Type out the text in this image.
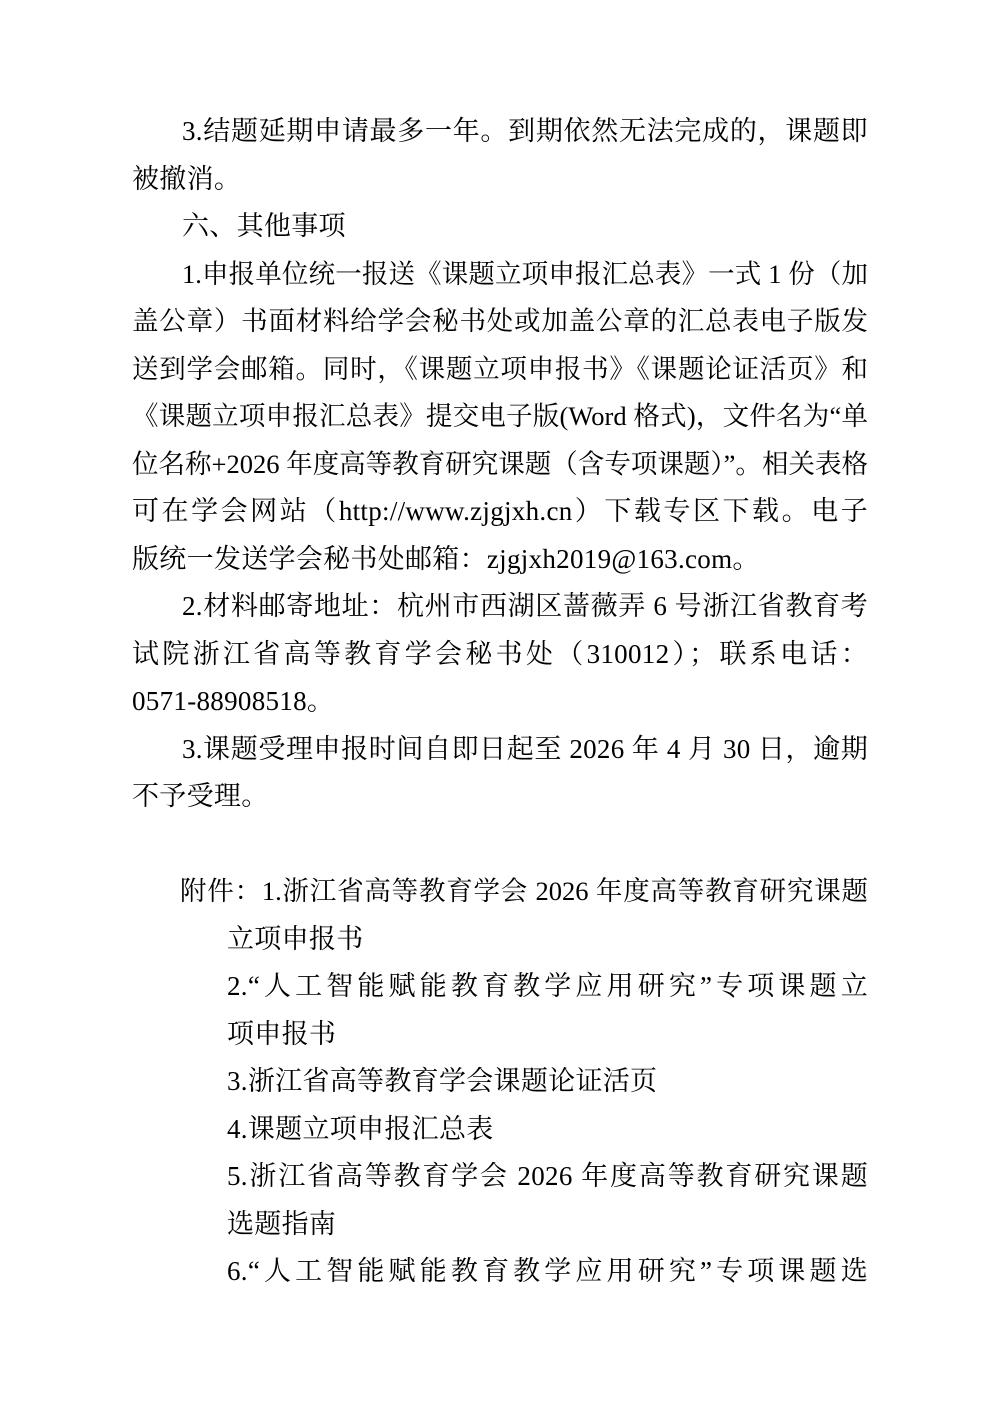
3.结题延期申请最多一年。到期依然无法完成的，课题即
被撤消。
六、其他事项
1.申报单位统一报送《课题立项申报汇总表》一式 1 份（加
盖公章）书面材料给学会秘书处或加盖公章的汇总表电子版发
送到学会邮箱。同时，《课题立项申报书》《课题论证活页》和
《课题立项申报汇总表》提交电子版(Word 格式)，文件名为“单
位名称+2026 年度高等教育研究课题（含专项课题）”。相关表格
可在学会网站（http://www.zjgjxh.cn）下载专区下载。电子
版统一发送学会秘书处邮箱：zjgjxh2019@163.com。
2.材料邮寄地址：杭州市西湖区蔷薇弄 6 号浙江省教育考
试院浙江省高等教育学会秘书处（310012）；联系电话：
0571-88908518。
3.课题受理申报时间自即日起至 2026 年 4 月 30 日，逾期
不予受理。

附件：1.浙江省高等教育学会 2026 年度高等教育研究课题
立项申报书
2.“人工智能赋能教育教学应用研究”专项课题立
项申报书
3.浙江省高等教育学会课题论证活页
4.课题立项申报汇总表
5.浙江省高等教育学会 2026 年度高等教育研究课题
选题指南
6.“人工智能赋能教育教学应用研究”专项课题选
